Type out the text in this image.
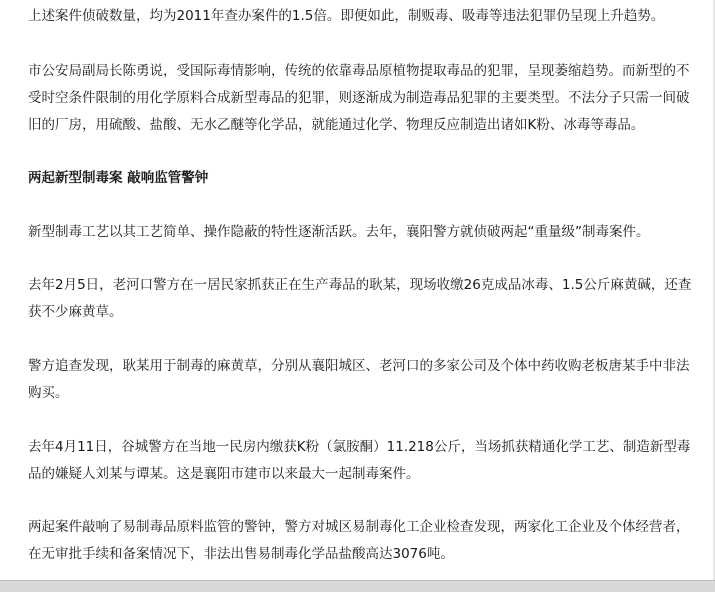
上述案件侦破数量，均为2011年查办案件的1.5倍。即便如此，制贩毒、吸毒等违法犯罪仍呈现上升趋势。

市公安局副局长陈勇说，受国际毒情影响，传统的依靠毒品原植物提取毒品的犯罪，呈现萎缩趋势。而新型的不受时空条件限制的用化学原料合成新型毒品的犯罪，则逐渐成为制造毒品犯罪的主要类型。不法分子只需一间破旧的厂房，用硫酸、盐酸、无水乙醚等化学品，就能通过化学、物理反应制造出诸如K粉、冰毒等毒品。

两起新型制毒案 敲响监管警钟

新型制毒工艺以其工艺简单、操作隐蔽的特性逐渐活跃。去年，襄阳警方就侦破两起“重量级”制毒案件。

去年2月5日，老河口警方在一居民家抓获正在生产毒品的耿某，现场收缴26克成品冰毒、1.5公斤麻黄碱，还查获不少麻黄草。

警方追查发现，耿某用于制毒的麻黄草，分别从襄阳城区、老河口的多家公司及个体中药收购老板唐某手中非法购买。

去年4月11日，谷城警方在当地一民房内缴获K粉（氯胺酮）11.218公斤，当场抓获精通化学工艺、制造新型毒品的嫌疑人刘某与谭某。这是襄阳市建市以来最大一起制毒案件。

两起案件敲响了易制毒品原料监管的警钟，警方对城区易制毒化工企业检查发现，两家化工企业及个体经营者，在无审批手续和备案情况下，非法出售易制毒化学品盐酸高达3076吨。
